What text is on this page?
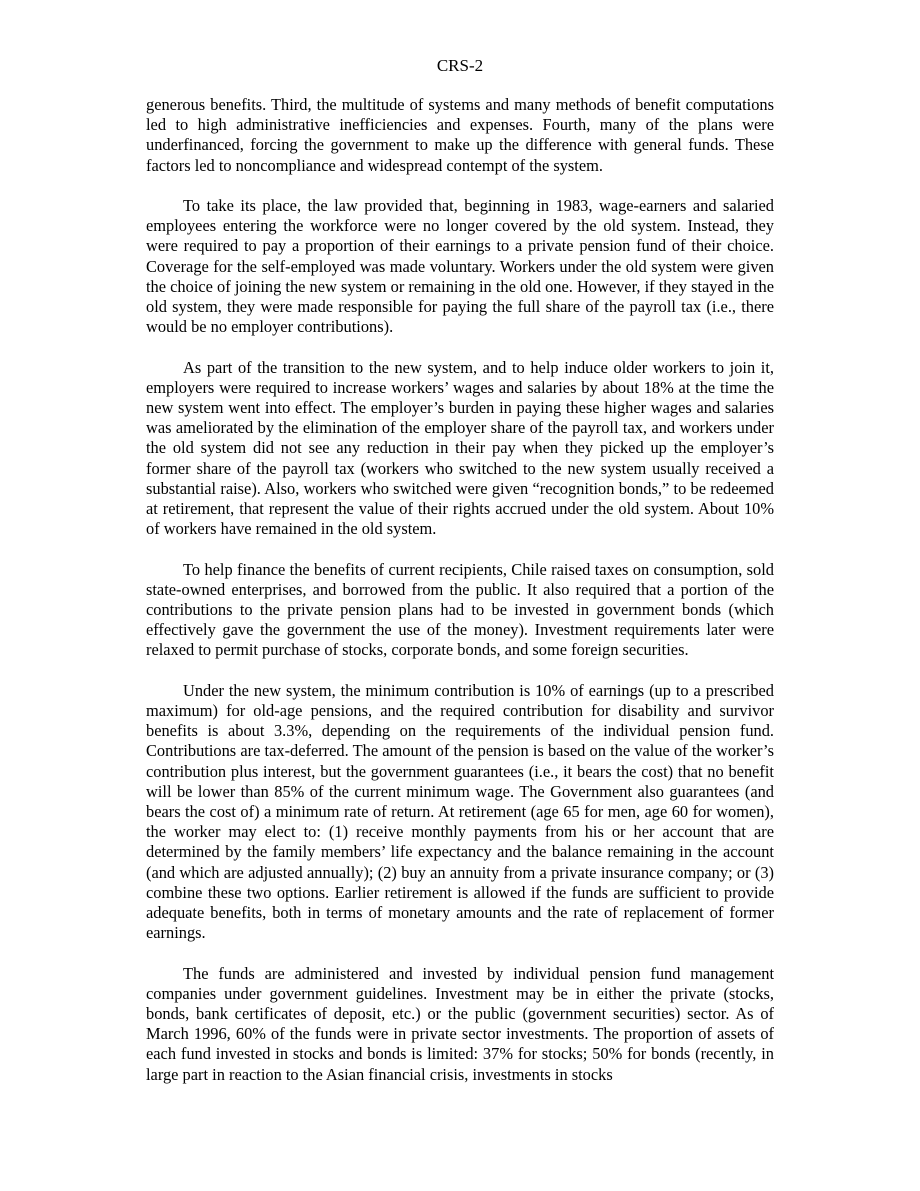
CRS-2

generous benefits. Third, the multitude of systems and many methods of benefit computations led to high administrative inefficiencies and expenses. Fourth, many of the plans were underfinanced, forcing the government to make up the difference with general funds. These factors led to noncompliance and widespread contempt of the system.

To take its place, the law provided that, beginning in 1983, wage-earners and salaried employees entering the workforce were no longer covered by the old system. Instead, they were required to pay a proportion of their earnings to a private pension fund of their choice. Coverage for the self-employed was made voluntary. Workers under the old system were given the choice of joining the new system or remaining in the old one. However, if they stayed in the old system, they were made responsible for paying the full share of the payroll tax (i.e., there would be no employer contributions).

As part of the transition to the new system, and to help induce older workers to join it, employers were required to increase workers’ wages and salaries by about 18% at the time the new system went into effect. The employer’s burden in paying these higher wages and salaries was ameliorated by the elimination of the employer share of the payroll tax, and workers under the old system did not see any reduction in their pay when they picked up the employer’s former share of the payroll tax (workers who switched to the new system usually received a substantial raise). Also, workers who switched were given “recognition bonds,” to be redeemed at retirement, that represent the value of their rights accrued under the old system. About 10% of workers have remained in the old system.

To help finance the benefits of current recipients, Chile raised taxes on consumption, sold state-owned enterprises, and borrowed from the public. It also required that a portion of the contributions to the private pension plans had to be invested in government bonds (which effectively gave the government the use of the money). Investment requirements later were relaxed to permit purchase of stocks, corporate bonds, and some foreign securities.

Under the new system, the minimum contribution is 10% of earnings (up to a prescribed maximum) for old-age pensions, and the required contribution for disability and survivor benefits is about 3.3%, depending on the requirements of the individual pension fund. Contributions are tax-deferred. The amount of the pension is based on the value of the worker’s contribution plus interest, but the government guarantees (i.e., it bears the cost) that no benefit will be lower than 85% of the current minimum wage. The Government also guarantees (and bears the cost of) a minimum rate of return. At retirement (age 65 for men, age 60 for women), the worker may elect to: (1) receive monthly payments from his or her account that are determined by the family members’ life expectancy and the balance remaining in the account (and which are adjusted annually); (2) buy an annuity from a private insurance company; or (3) combine these two options. Earlier retirement is allowed if the funds are sufficient to provide adequate benefits, both in terms of monetary amounts and the rate of replacement of former earnings.

The funds are administered and invested by individual pension fund management companies under government guidelines. Investment may be in either the private (stocks, bonds, bank certificates of deposit, etc.) or the public (government securities) sector. As of March 1996, 60% of the funds were in private sector investments. The proportion of assets of each fund invested in stocks and bonds is limited: 37% for stocks; 50% for bonds (recently, in large part in reaction to the Asian financial crisis, investments in stocks
